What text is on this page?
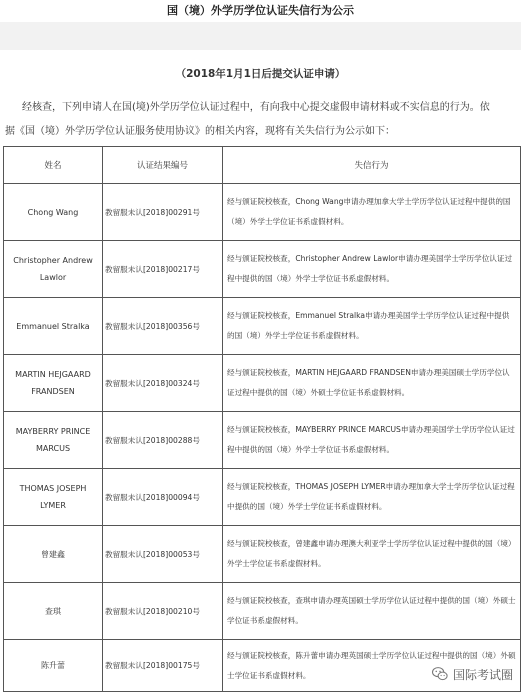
国（境）外学历学位认证失信行为公示
（2018年1月1日后提交认证申请）
经核查，下列申请人在国(境)外学历学位认证过程中，有向我中心提交虚假申请材料或不实信息的行为。依
据《国（境）外学历学位认证服务使用协议》的相关内容，现将有关失信行为公示如下：
姓名	认证结果编号	失信行为
Chong Wang	教留服未认[2018]00291号	经与颁证院校核查，Chong Wang申请办理加拿大学士学历学位认证过程中提供的国（境）外学士学位证书系虚假材料。
Christopher Andrew Lawlor	教留服未认[2018]00217号	经与颁证院校核查，Christopher Andrew Lawlor申请办理美国学士学历学位认证过程中提供的国（境）外学士学位证书系虚假材料。
Emmanuel Stralka	教留服未认[2018]00356号	经与颁证院校核查，Emmanuel Stralka申请办理美国学士学历学位认证过程中提供的国（境）外学士学位证书系虚假材料。
MARTIN HEJGAARD FRANDSEN	教留服未认[2018]00324号	经与颁证院校核查，MARTIN HEJGAARD FRANDSEN申请办理美国硕士学历学位认证过程中提供的国（境）外硕士学位证书系虚假材料。
MAYBERRY PRINCE MARCUS	教留服未认[2018]00288号	经与颁证院校核查，MAYBERRY PRINCE MARCUS申请办理美国学士学历学位认证过程中提供的国（境）外学士学位证书系虚假材料。
THOMAS JOSEPH LYMER	教留服未认[2018]00094号	经与颁证院校核查，THOMAS JOSEPH LYMER申请办理加拿大学士学历学位认证过程中提供的国（境）外学士学位证书系虚假材料。
曾建鑫	教留服未认[2018]00053号	经与颁证院校核查，曾建鑫申请办理澳大利亚学士学历学位认证过程中提供的国（境）外学士学位证书系虚假材料。
查琪	教留服未认[2018]00210号	经与颁证院校核查，查琪申请办理英国硕士学历学位认证过程中提供的国（境）外硕士学位证书系虚假材料。
陈升蕾	教留服未认[2018]00175号	经与颁证院校核查，陈升蕾申请办理英国硕士学历学位认证过程中提供的国（境）外硕士学位证书系虚假材料。	国际考试圈
